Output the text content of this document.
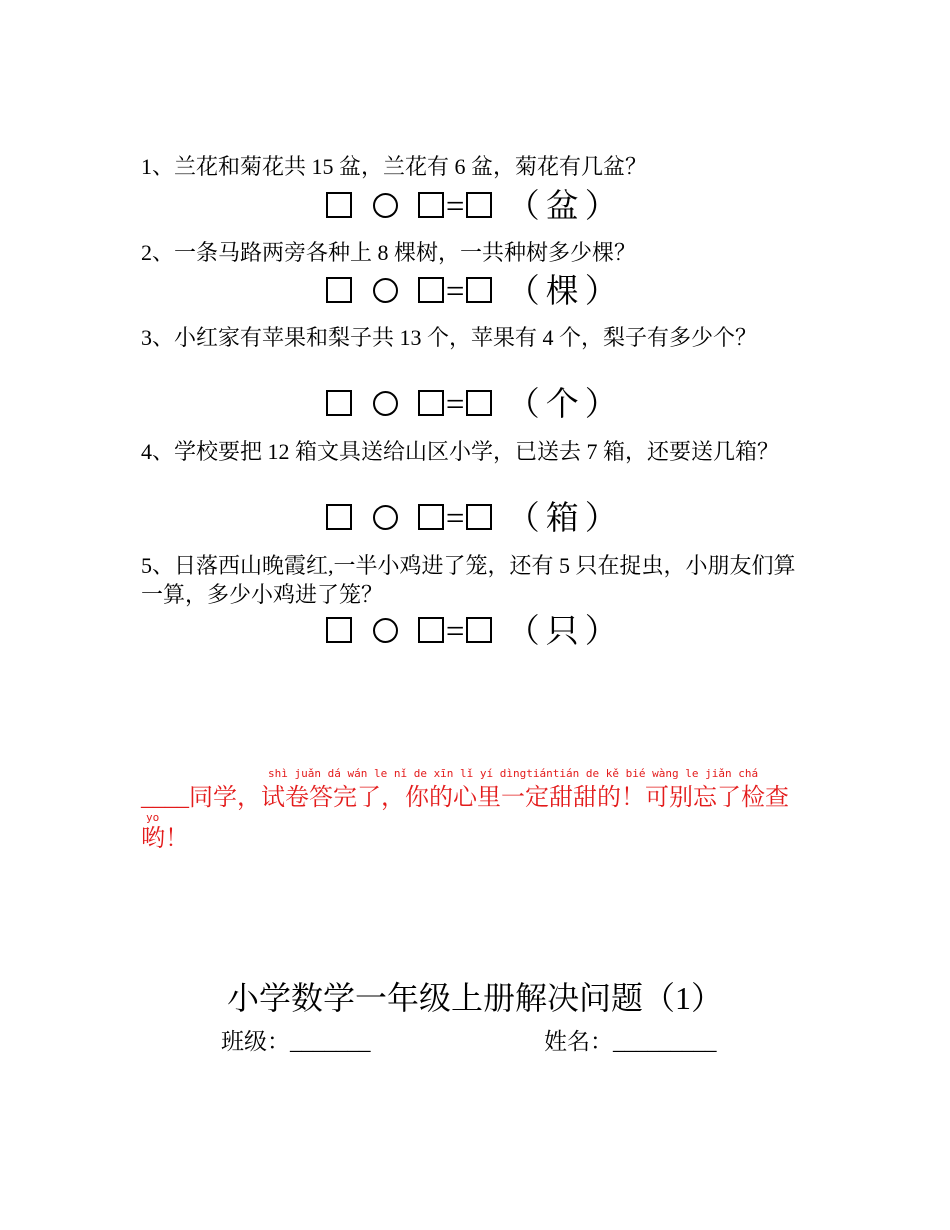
1、兰花和菊花共 15 盆，兰花有 6 盆，菊花有几盆？

= （ 盆 ）

2、一条马路两旁各种上 8 棵树，一共种树多少棵？

= （ 棵 ）

3、小红家有苹果和梨子共 13 个，苹果有 4 个，梨子有多少个？

= （ 个 ）

4、学校要把 12 箱文具送给山区小学，已送去 7 箱，还要送几箱？

= （ 箱 ）

5、日落西山晚霞红,一半小鸡进了笼，还有 5 只在捉虫，小朋友们算一算，多少小鸡进了笼？

= （ 只 ）
shì juǎn dá wán le nǐ de xīn lǐ yí dìngtiántián de kě bié wàng le jiǎn chá
____同学，试卷答完了，你的心里一定甜甜的！可别忘了检查
yo
哟！
小学数学一年级上册解决问题（1）
班级：_______	姓名：_________
